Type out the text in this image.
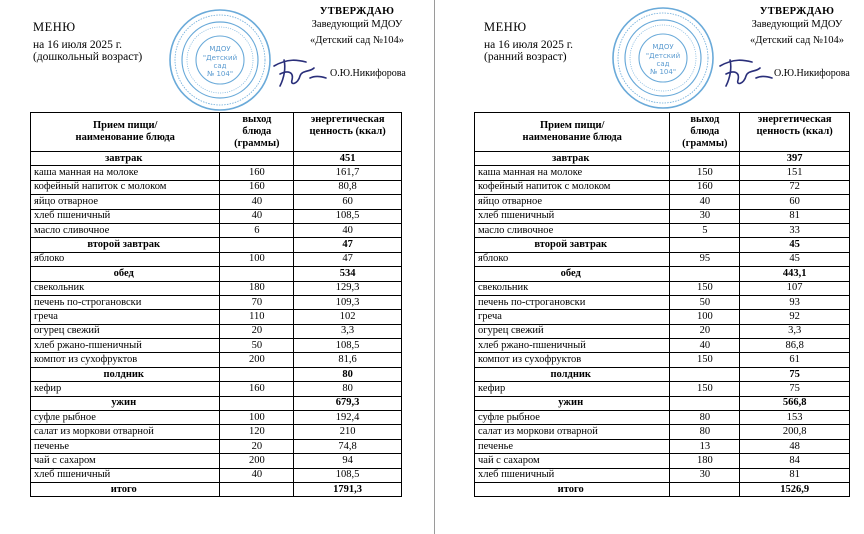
МЕНЮ
на 16 июля 2025 г.
(дошкольный возраст)
МДОУ
"Детский
сад
№ 104"
УТВЕРЖДАЮ
Заведующий МДОУ
«Детский сад №104»
О.Ю.Никифорова
Прием пищи/
наименование блюда	выход
блюда
(граммы)	энергетическая
ценность (ккал)
завтрак		451
каша манная на молоке	160	161,7
кофейный напиток с молоком	160	80,8
яйцо отварное	40	60
хлеб пшеничный	40	108,5
масло сливочное	6	40
второй завтрак		47
яблоко	100	47
обед		534
свекольник	180	129,3
печень по-строгановски	70	109,3
греча	110	102
огурец свежий	20	3,3
хлеб ржано-пшеничный	50	108,5
компот из сухофруктов	200	81,6
полдник		80
кефир	160	80
ужин		679,3
суфле рыбное	100	192,4
салат из моркови отварной	120	210
печенье	20	74,8
чай с сахаром	200	94
хлеб пшеничный	40	108,5
итого		1791,3
МЕНЮ
на 16 июля 2025 г.
(ранний возраст)
МДОУ
"Детский
сад
№ 104"
УТВЕРЖДАЮ
Заведующий МДОУ
«Детский сад №104»
О.Ю.Никифорова
Прием пищи/
наименование блюда	выход
блюда
(граммы)	энергетическая
ценность (ккал)
завтрак		397
каша манная на молоке	150	151
кофейный напиток с молоком	160	72
яйцо отварное	40	60
хлеб пшеничный	30	81
масло сливочное	5	33
второй завтрак		45
яблоко	95	45
обед		443,1
свекольник	150	107
печень по-строгановски	50	93
греча	100	92
огурец свежий	20	3,3
хлеб ржано-пшеничный	40	86,8
компот из сухофруктов	150	61
полдник		75
кефир	150	75
ужин		566,8
суфле рыбное	80	153
салат из моркови отварной	80	200,8
печенье	13	48
чай с сахаром	180	84
хлеб пшеничный	30	81
итого		1526,9
